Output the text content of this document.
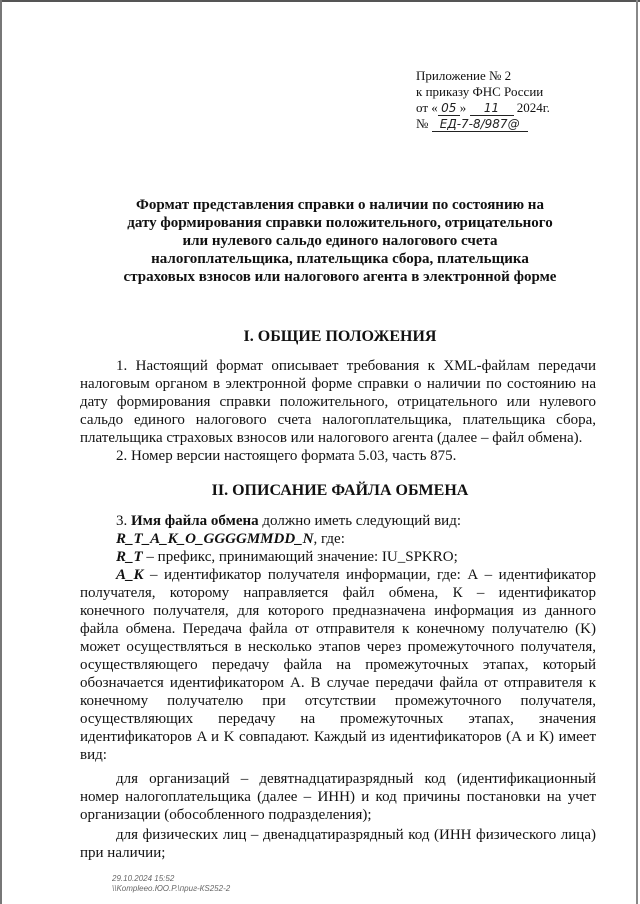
Приложение № 2
к приказу ФНС России
от « 05 » 11 2024г.
№ ЕД-7-8/987@
Формат представления справки о наличии по состоянию на
дату формирования справки положительного, отрицательного
или нулевого сальдо единого налогового счета
налогоплательщика, плательщика сбора, плательщика
страховых взносов или налогового агента в электронной форме
I. ОБЩИЕ ПОЛОЖЕНИЯ
1. Настоящий формат описывает требования к XML-файлам передачи
налоговым органом в электронной форме справки о наличии по состоянию на
дату формирования справки положительного, отрицательного или нулевого
сальдо единого налогового счета налогоплательщика, плательщика сбора,
плательщика страховых взносов или налогового агента (далее – файл обмена).
2. Номер версии настоящего формата 5.03, часть 875.
II. ОПИСАНИЕ ФАЙЛА ОБМЕНА
3. Имя файла обмена должно иметь следующий вид:
R_T_A_K_O_GGGGMMDD_N, где:
R_T – префикс, принимающий значение: IU_SPKRO;
A_K – идентификатор получателя информации, где: А – идентификатор
получателя, которому направляется файл обмена, К – идентификатор
конечного получателя, для которого предназначена информация из данного
файла обмена. Передача файла от отправителя к конечному получателю (K)
может осуществляться в несколько этапов через промежуточного получателя,
осуществляющего передачу файла на промежуточных этапах, который
обозначается идентификатором A. В случае передачи файла от отправителя к
конечному получателю при отсутствии промежуточного получателя,
осуществляющих передачу на промежуточных этапах, значения
идентификаторов A и K совпадают. Каждый из идентификаторов (А и К) имеет
вид:
для организаций – девятнадцатиразрядный код (идентификационный
номер налогоплательщика (далее – ИНН) и код причины постановки на учет
организации (обособленного подразделения);
для физических лиц – двенадцатиразрядный код (ИНН физического лица)
при наличии;
29.10.2024 15:52
\\Kompleeo.ЮО.Р.\приг-КS252-2
